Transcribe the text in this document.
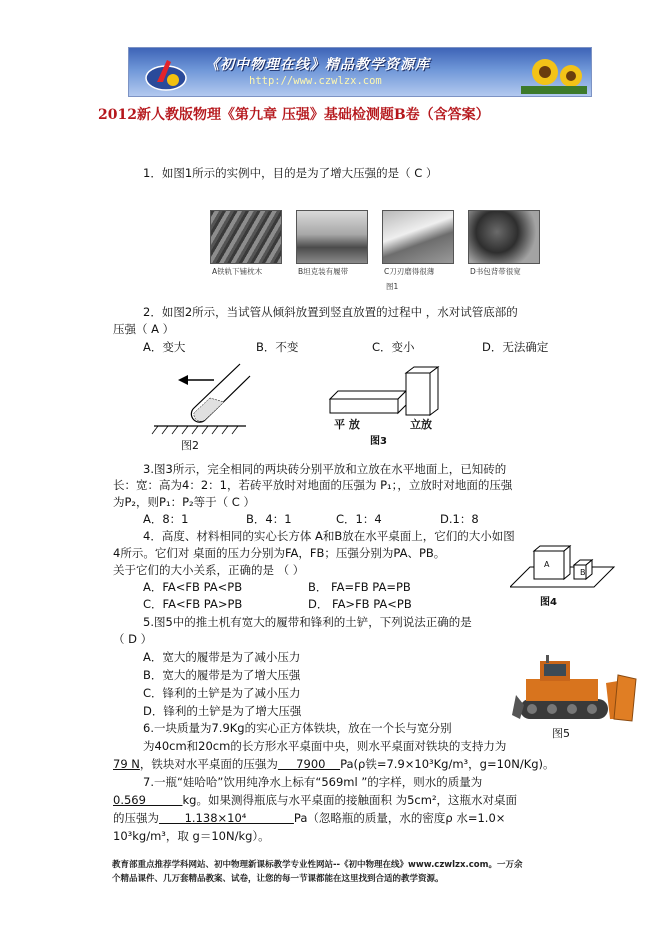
《初中物理在线》精品教学资源库
http://www.czwlzx.com
2012新人教版物理《第九章 压强》基础检测题B卷（含答案）
1．如图1所示的实例中，目的是为了增大压强的是（ C ）
A铁轨下铺枕木	B坦克装有履带	C刀刃磨得很薄	D书包背带很宽
图1
2．如图2所示，当试管从倾斜放置到竖直放置的过程中 ，水对试管底部的
压强（ A ）
A．变大	B．不变	C．变小	D．无法确定
图2
平 放	立放
图3
3.图3所示，完全相同的两块砖分别平放和立放在水平地面上，已知砖的
长：宽：高为4：2：1，若砖平放时对地面的压强为 P₁；，立放时对地面的压强
为P₂，则P₁：P₂等于（ C ）
A．8：1	B．4：1	C．1：4	D.1：8
4．高度、材料相同的实心长方体 A和B放在水平桌面上，它们的大小如图
4所示。它们对 桌面的压力分别为FA，FB；压强分别为PA、PB。
关于它们的大小关系，正确的是 （ ）
A．FA<FB PA<PB	B． FA=FB PA=PB
C．FA<FB PA>PB	D． FA>FB PA<PB
A
B
图4
5.图5中的推土机有宽大的履带和锋利的土铲，下列说法正确的是
（ D ）
A．宽大的履带是为了减小压力
B．宽大的履带是为了增大压强
C．锋利的土铲是为了减小压力
D．锋利的土铲是为了增大压强
图5
6.一块质量为7.9Kg的实心正方体铁块，放在一个长与宽分别
为40cm和20cm的长方形水平桌面中央，则水平桌面对铁块的支持力为
79 N，铁块对水平桌面的压强为     7900    Pa(ρ铁=7.9×10³Kg/m³，g=10N/Kg)。
7.一瓶“娃哈哈”饮用纯净水上标有“569ml ”的字样，则水的质量为
0.569          kg。如果测得瓶底与水平桌面的接触面积 为5cm²，这瓶水对桌面
的压强为       1.138×10⁴             Pa（忽略瓶的质量，水的密度ρ 水=1.0×
10³kg/m³，取 g＝10N/kg）。
教育部重点推荐学科网站、初中物理新课标教学专业性网站--《初中物理在线》www.czwlzx.com。一万余
个精品课件、几万套精品教案、试卷，让您的每一节课都能在这里找到合适的教学资源。
